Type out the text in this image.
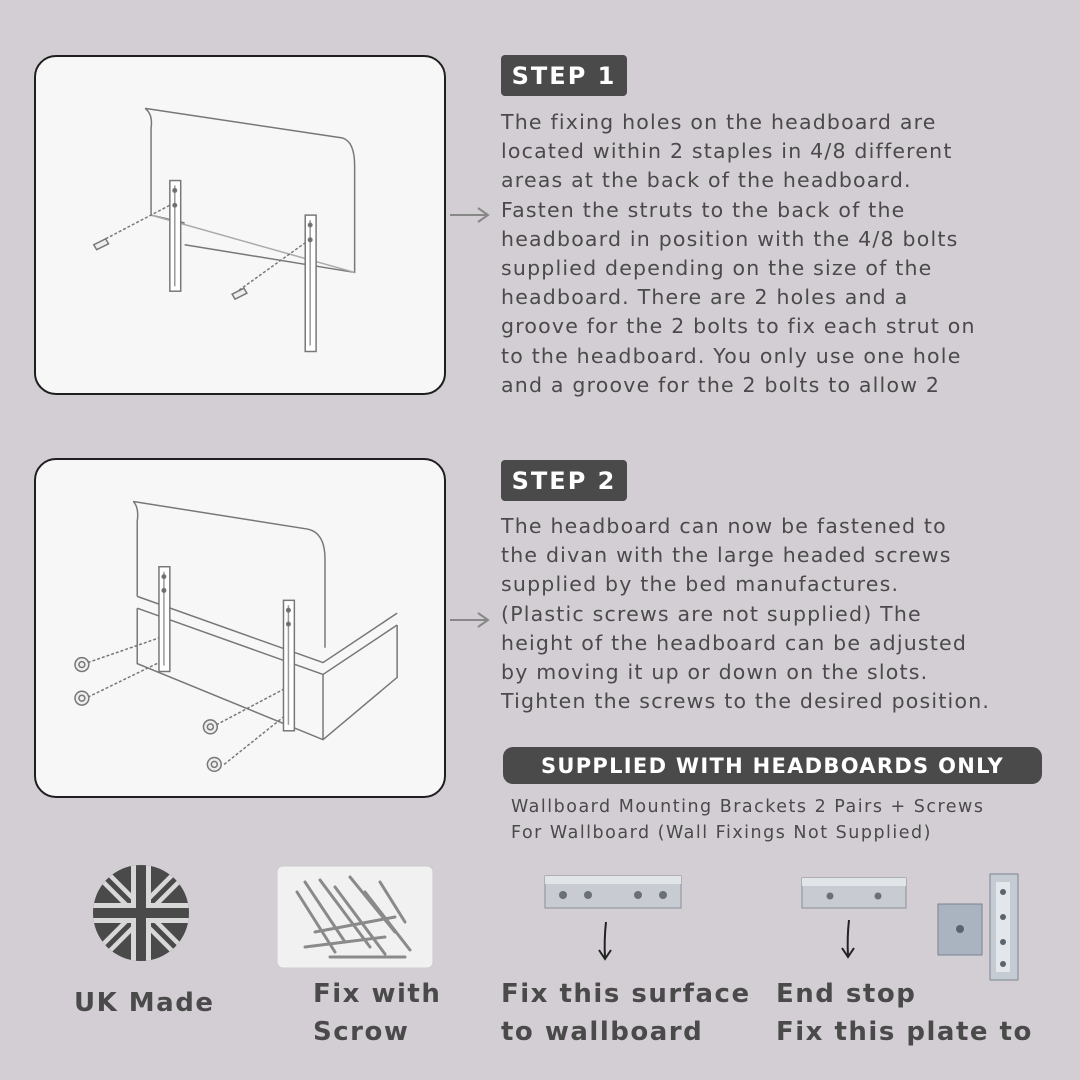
STEP 1
The fixing holes on the headboard are
located within 2 staples in 4/8 different
areas at the back of the headboard.
Fasten the struts to the back of the
headboard in position with the 4/8 bolts
supplied depending on the size of the
headboard. There are 2 holes and a
groove for the 2 bolts to fix each strut on
to the headboard. You only use one hole
and a groove for the 2 bolts to allow 2
STEP 2
The headboard can now be fastened to
the divan with the large headed screws
supplied by the bed manufactures.
(Plastic screws are not supplied) The
height of the headboard can be adjusted
by moving it up or down on the slots.
Tighten the screws to the desired position.
SUPPLIED WITH HEADBOARDS ONLY
Wallboard Mounting Brackets 2 Pairs + Screws
For Wallboard (Wall Fixings Not Supplied)
UK Made	Fix with
Scrow
Fix this surface
to wallboard
End stop
Fix this plate to
